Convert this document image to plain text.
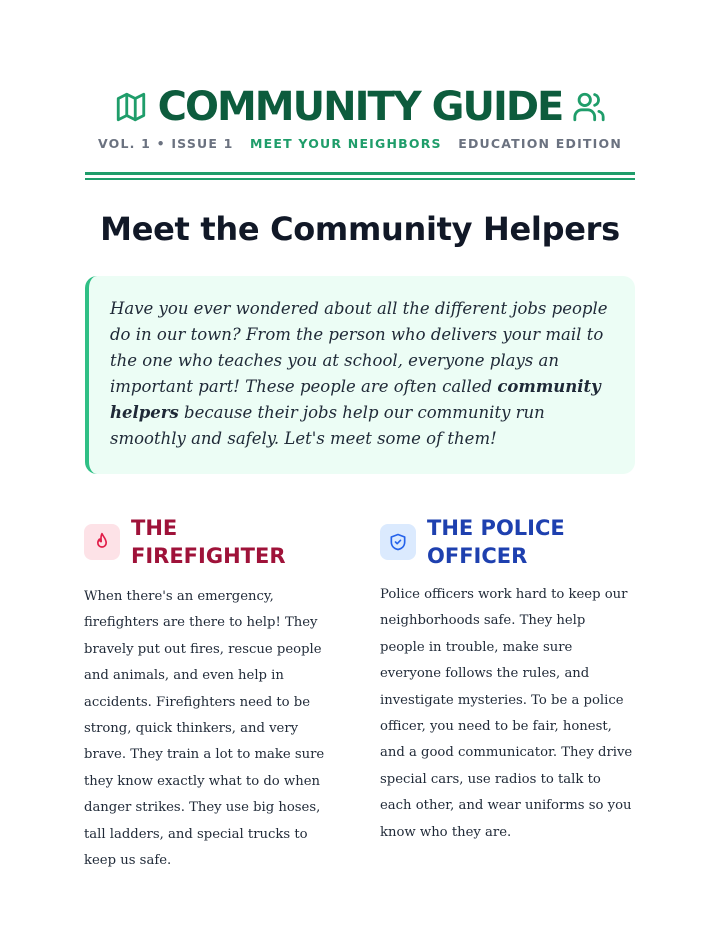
COMMUNITY GUIDE
VOL. 1 • ISSUE 1 MEET YOUR NEIGHBORS EDUCATION EDITION
Meet the Community Helpers
Have you ever wondered about all the different jobs people do in our town? From the person who delivers your mail to the one who teaches you at school, everyone plays an important part! These people are often called community helpers because their jobs help our community run smoothly and safely. Let's meet some of them!
THE FIREFIGHTER
When there's an emergency, firefighters are there to help! They bravely put out fires, rescue people and animals, and even help in accidents. Firefighters need to be strong, quick thinkers, and very brave. They train a lot to make sure they know exactly what to do when danger strikes. They use big hoses, tall ladders, and special trucks to keep us safe.
THE POLICE OFFICER
Police officers work hard to keep our neighborhoods safe. They help people in trouble, make sure everyone follows the rules, and investigate mysteries. To be a police officer, you need to be fair, honest, and a good communicator. They drive special cars, use radios to talk to each other, and wear uniforms so you know who they are.
